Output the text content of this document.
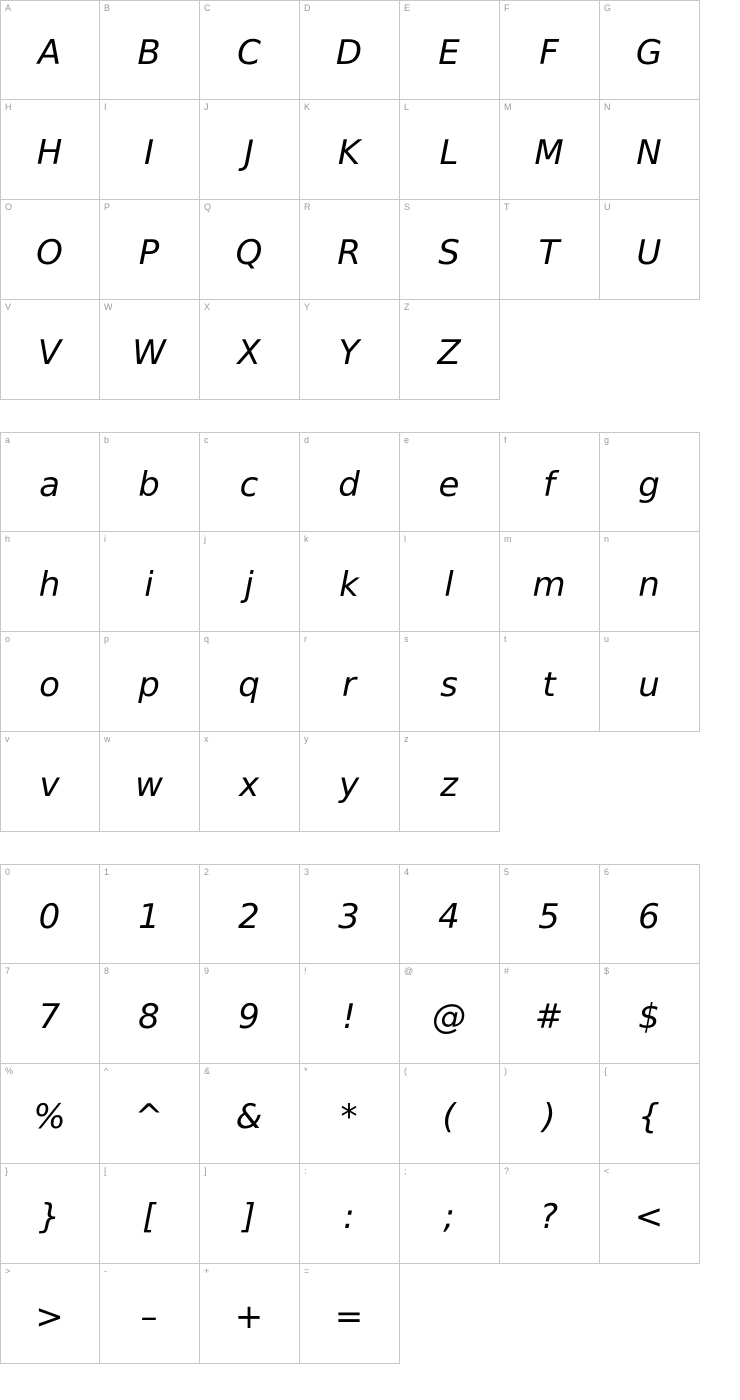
A
A
B
B
C
C
D
D
E
E
F
F
G
G
H
H
I
I
J
J
K
K
L
L
M
M
N
N
O
O
P
P
Q
Q
R
R
S
S
T
T
U
U
V
V
W
W
X
X
Y
Y
Z
Z
a
a
b
b
c
c
d
d
e
e
f
f
g
g
h
h
i
i
j
j
k
k
l
l
m
m
n
n
o
o
p
p
q
q
r
r
s
s
t
t
u
u
v
v
w
w
x
x
y
y
z
z
0
0
1
1
2
2
3
3
4
4
5
5
6
6
7
7
8
8
9
9
!
!
@
@
#
#
$
$
%
%
^
^
&
&
*
*
(
(
)
)
{
{
}
}
[
[
]
]
:
:
;
;
?
?
<
<
>
>
-
–
+
+
=
=
